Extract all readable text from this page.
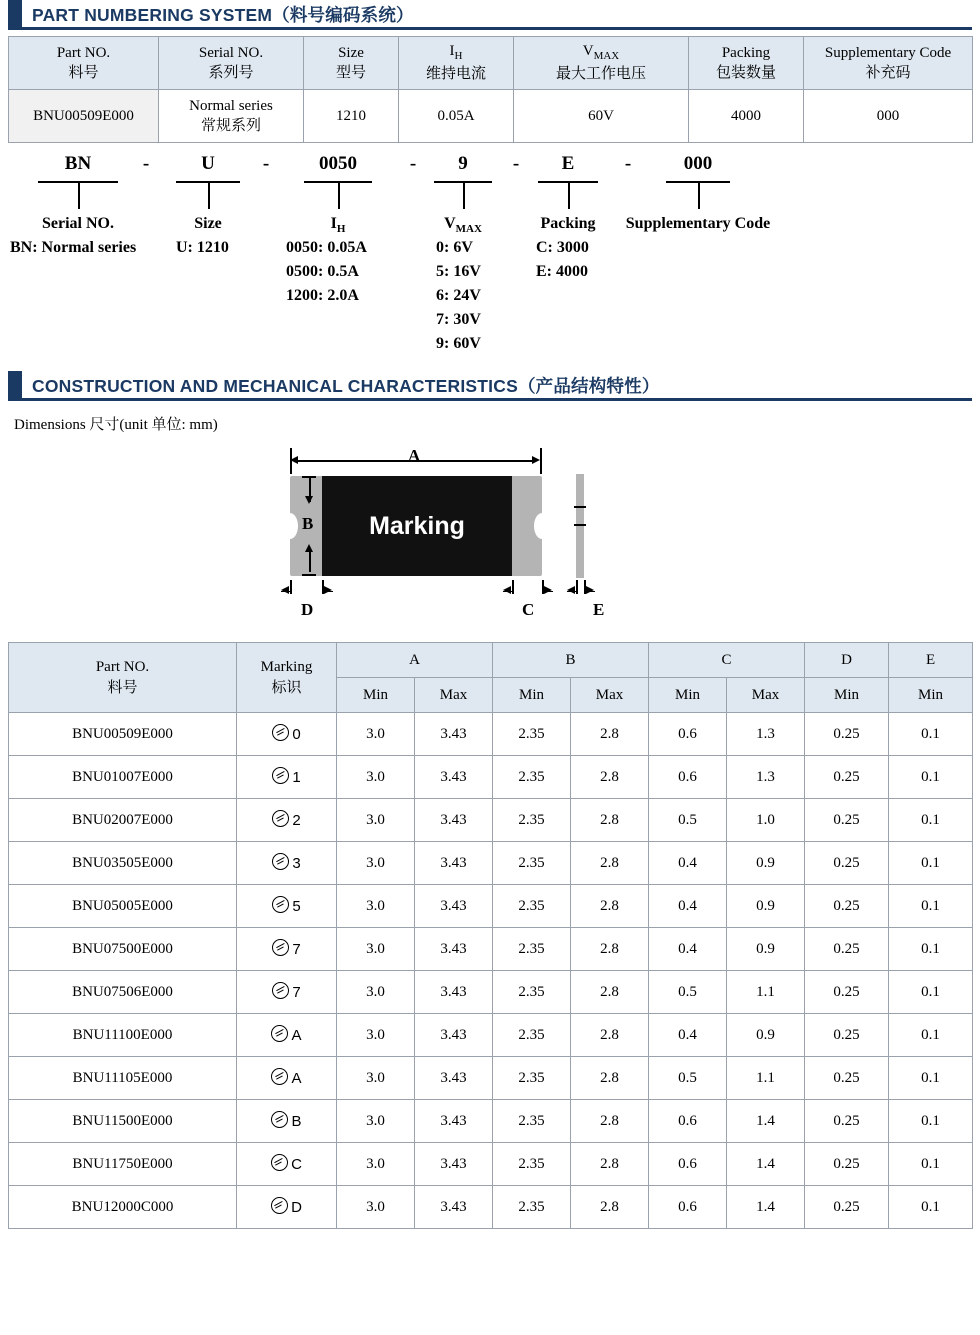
PART NUMBERING SYSTEM（料号编码系统）
Part NO.
料号

Serial NO.
系列号

Size
型号

$I_H$
维持电流

$V_{MAX}$
最大工作电压

Packing
包装数量

Supplementary Code
补充码

BNU00509E000	Normal series
常规系列	1210	0.05A	60V	4000	000
BN	-	U	-	0050	- 9 - E	-	000
Serial NO.	Size	$I_H$	$V_{MAX}$	Packing Supplementary Code
BN: Normal series U: 1210	0050: 0.05A
0500: 0.5A
1200: 2.0A
0: 6V
5: 16V
6: 24V
7: 30V
9: 60V
C: 3000
E: 4000
CONSTRUCTION AND MECHANICAL CHARACTERISTICS（产品结构特性）
Dimensions 尺寸(unit 单位: mm)
A
Marking
B
D	C	E
Part NO.
料号

Marking
标识
	A	B	C	D	E
		Min	Max	Min	Max	Min	Max	Min	Min
BNU00509E000	0	3.0	3.43	2.35	2.8	0.6	1.3	0.25	0.1
BNU01007E000	1	3.0	3.43	2.35	2.8	0.6	1.3	0.25	0.1
BNU02007E000	2	3.0	3.43	2.35	2.8	0.5	1.0	0.25	0.1
BNU03505E000	3	3.0	3.43	2.35	2.8	0.4	0.9	0.25	0.1
BNU05005E000	5	3.0	3.43	2.35	2.8	0.4	0.9	0.25	0.1
BNU07500E000	7	3.0	3.43	2.35	2.8	0.4	0.9	0.25	0.1
BNU07506E000	7	3.0	3.43	2.35	2.8	0.5	1.1	0.25	0.1
BNU11100E000	A	3.0	3.43	2.35	2.8	0.4	0.9	0.25	0.1
BNU11105E000	A	3.0	3.43	2.35	2.8	0.5	1.1	0.25	0.1
BNU11500E000	B	3.0	3.43	2.35	2.8	0.6	1.4	0.25	0.1
BNU11750E000	C	3.0	3.43	2.35	2.8	0.6	1.4	0.25	0.1
BNU12000C000	D	3.0	3.43	2.35	2.8	0.6	1.4	0.25	0.1
